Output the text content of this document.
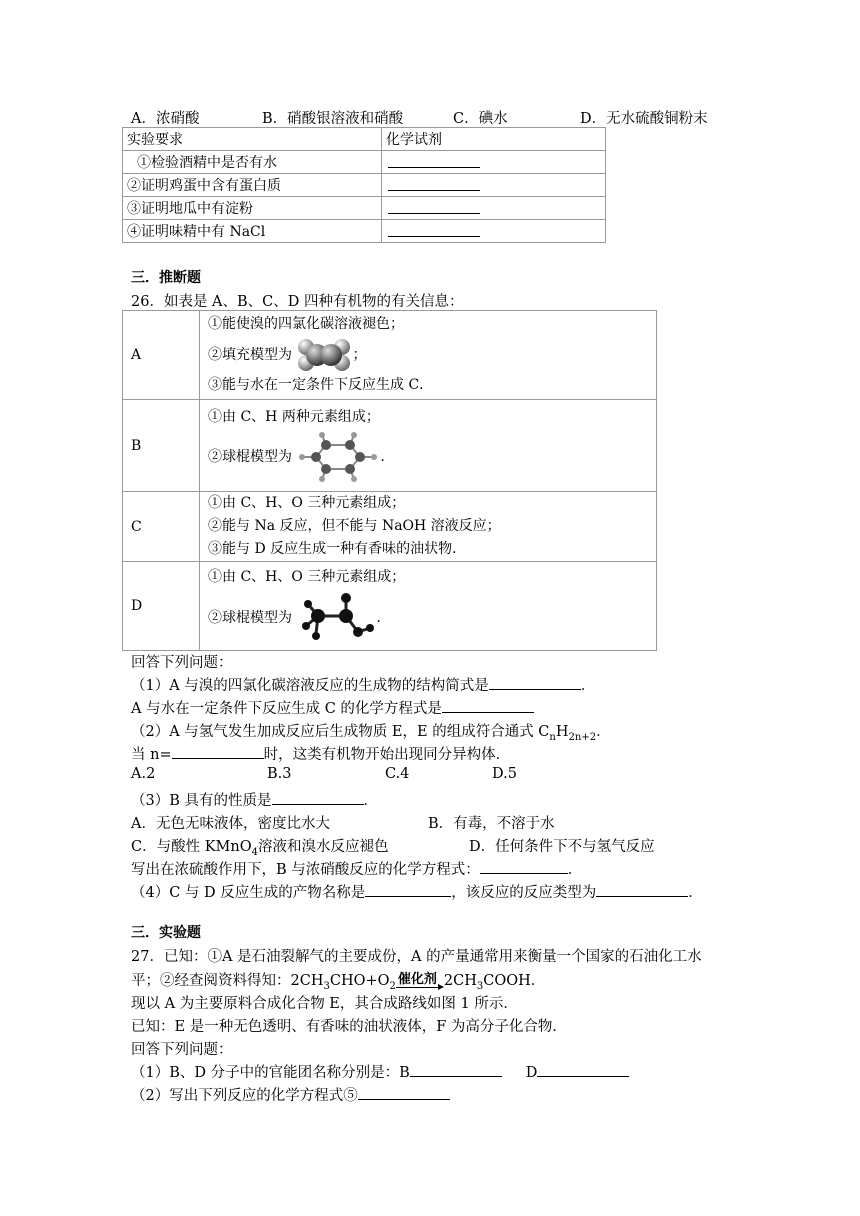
A．浓硝酸	B．硝酸银溶液和硝酸	C．碘水	D．无水硫酸铜粉末
实验要求	化学试剂
①检验酒精中是否有水	
②证明鸡蛋中含有蛋白质	
③证明地瓜中有淀粉	
④证明味精中有 NaCl	
三．推断题
26．如表是 A、B、C、D 四种有机物的有关信息：
A	①能使溴的四氯化碳溶液褪色；
②填充模型为 ；
③能与水在一定条件下反应生成 C．

B	①由 C、H 两种元素组成；
②球棍模型为 ．

C	①由 C、H、O 三种元素组成；
②能与 Na 反应，但不能与 NaOH 溶液反应；
③能与 D 反应生成一种有香味的油状物．

D	①由 C、H、O 三种元素组成；
②球棍模型为 ．
回答下列问题：
（1）A 与溴的四氯化碳溶液反应的生成物的结构简式是	．
A 与水在一定条件下反应生成 C 的化学方程式是
（2）A 与氢气发生加成反应后生成物质 E，E 的组成符合通式 $C_nH_{2n+2}$．
当 n=	时，这类有机物开始出现同分异构体．
A.2	B.3	C.4	D.5
（3）B 具有的性质是	．
A．无色无味液体，密度比水大	B．有毒，不溶于水
C．与酸性 KMnO$_4$溶液和溴水反应褪色	D．任何条件下不与氢气反应
写出在浓硫酸作用下，B 与浓硝酸反应的化学方程式：	．
（4）C 与 D 反应生成的产物名称是	，该反应的反应类型为	．
三．实验题
27．已知：①A 是石油裂解气的主要成份，A 的产量通常用来衡量一个国家的石油化工水
平；②经查阅资料得知：$2CH_3CHO+O_2$ 催化剂 $2CH_3COOH$．
现以 A 为主要原料合成化合物 E，其合成路线如图 1 所示．
已知：E 是一种无色透明、有香味的油状液体，F 为高分子化合物．
回答下列问题：
（1）B、D 分子中的官能团名称分别是：B	D
（2）写出下列反应的化学方程式⑤
